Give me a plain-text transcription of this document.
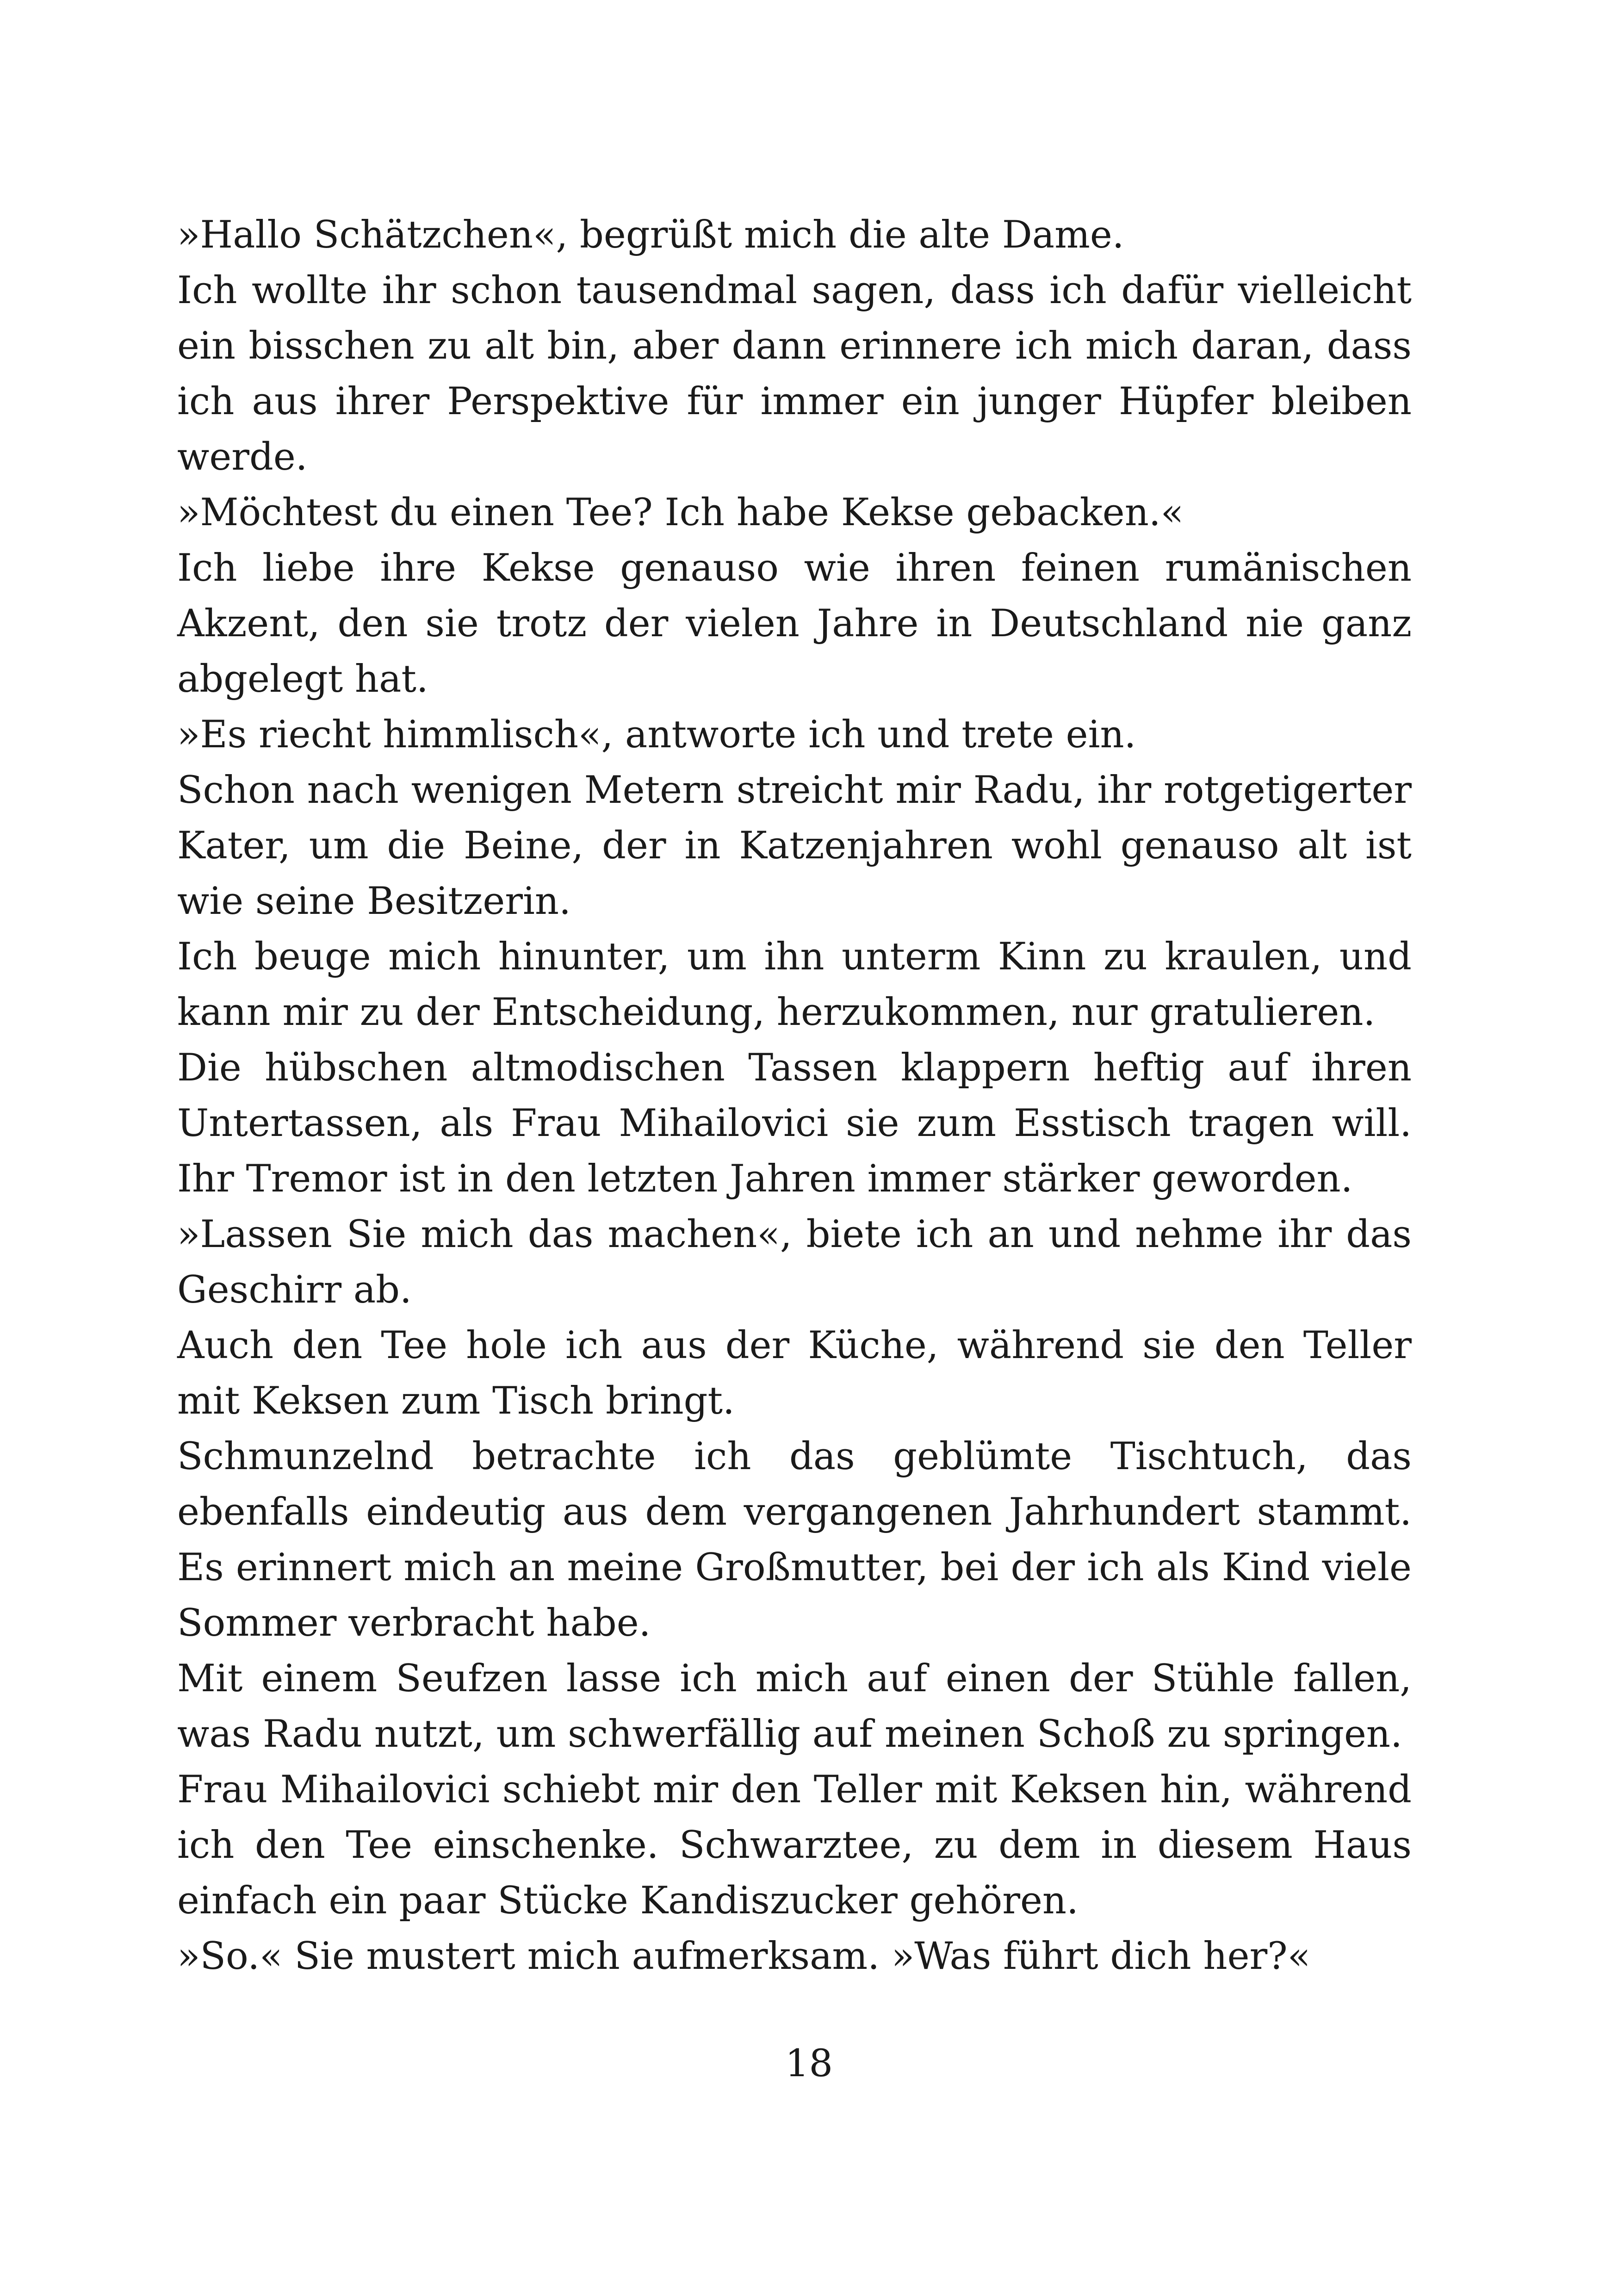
»Hallo Schätzchen«, begrüßt mich die alte Dame.

Ich wollte ihr schon tausendmal sagen, dass ich dafür vielleicht ein bisschen zu alt bin, aber dann erinnere ich mich daran, dass ich aus ihrer Perspektive für immer ein junger Hüpfer bleiben werde.

»Möchtest du einen Tee? Ich habe Kekse gebacken.«

Ich liebe ihre Kekse genauso wie ihren feinen rumänischen Akzent, den sie trotz der vielen Jahre in Deutschland nie ganz abgelegt hat.

»Es riecht himmlisch«, antworte ich und trete ein.

Schon nach wenigen Metern streicht mir Radu, ihr rotgetigerter Kater, um die Beine, der in Katzenjahren wohl genauso alt ist wie seine Besitzerin.

Ich beuge mich hinunter, um ihn unterm Kinn zu kraulen, und kann mir zu der Entscheidung, herzukommen, nur gratulieren.

Die hübschen altmodischen Tassen klappern heftig auf ihren Untertassen, als Frau Mihailovici sie zum Esstisch tragen will. Ihr Tremor ist in den letzten Jahren immer stärker geworden.

»Lassen Sie mich das machen«, biete ich an und nehme ihr das Geschirr ab.

Auch den Tee hole ich aus der Küche, während sie den Teller mit Keksen zum Tisch bringt.

Schmunzelnd betrachte ich das geblümte Tischtuch, das ebenfalls eindeutig aus dem vergangenen Jahrhundert stammt. Es erinnert mich an meine Großmutter, bei der ich als Kind viele Sommer verbracht habe.

Mit einem Seufzen lasse ich mich auf einen der Stühle fallen, was Radu nutzt, um schwerfällig auf meinen Schoß zu springen.

Frau Mihailovici schiebt mir den Teller mit Keksen hin, während ich den Tee einschenke. Schwarztee, zu dem in diesem Haus einfach ein paar Stücke Kandiszucker gehören.

»So.« Sie mustert mich aufmerksam. »Was führt dich her?«

18
